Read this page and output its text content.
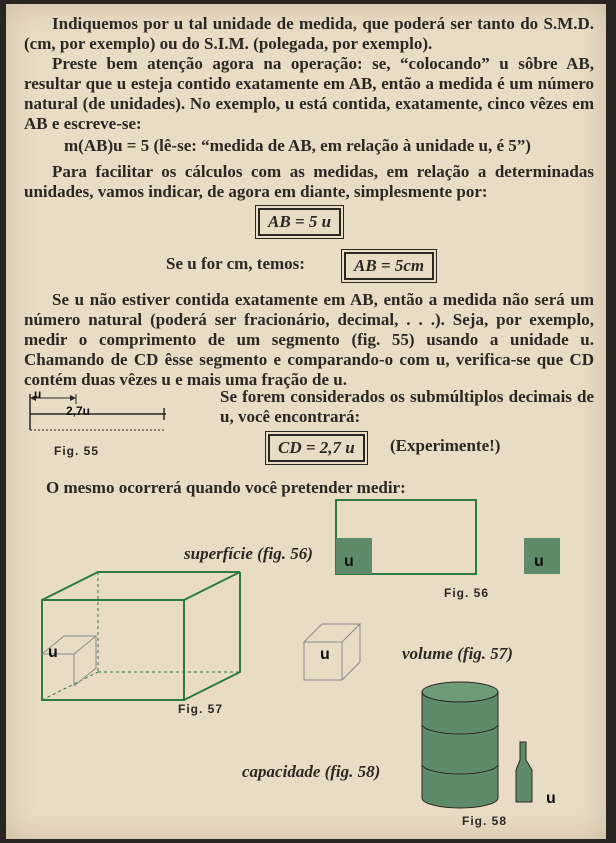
Indiquemos por u tal unidade de medida, que poderá ser tanto do S.M.D. (cm, por exemplo) ou do S.I.M. (polegada, por exemplo).

Preste bem atenção agora na operação: se, “colocando” u sôbre AB, resultar que u esteja contido exatamente em AB, então a medida é um número natural (de unidades). No exemplo, u está contida, exatamente, cinco vêzes em AB e escreve-se:

m(AB)u = 5 (lê-se: “medida de AB, em relação à unidade u, é 5”)

Para facilitar os cálculos com as medidas, em relação a determinadas unidades, vamos indicar, de agora em diante, simplesmente por:

AB = 5 u
Se u for cm, temos:	AB = 5cm

Se u não estiver contida exatamente em AB, então a medida não será um número natural (poderá ser fracionário, decimal, . . .). Seja, por exemplo, medir o comprimento de um segmento (fig. 55) usando a unidade u. Chamando de CD êsse segmento e comparando-o com u, verifica-se que CD contém duas vêzes u e mais uma fração de u.

u
2,7u
Fig. 55

Se forem considerados os submúltiplos decimais de u, você encontrará:

CD = 2,7 u	(Experimente!)

O mesmo ocorrerá quando você pretender medir:

u	u
superfície (fig. 56)
Fig. 56
u	u	volume (fig. 57)
Fig. 57
u
capacidade (fig. 58)
Fig. 58
